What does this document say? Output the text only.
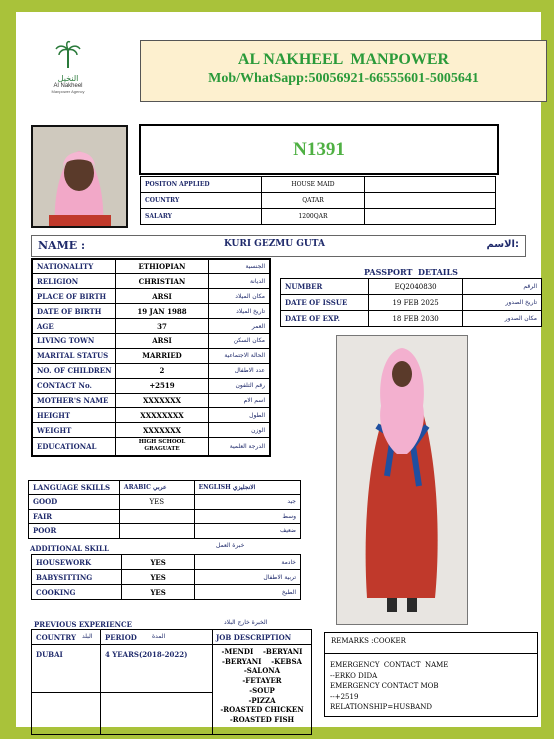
النخيل
Al Nakheel
Manpower Agency
AL NAKHEEL  MANPOWER
Mob/WhatSapp:50056921-66555601-5005641
N1391
POSITON APPLIED	HOUSE MAID	
COUNTRY	QATAR	
SALARY	1200QAR	
NAME :	KURI GEZMU GUTA	الاسم:
NATIONALITY	ETHIOPIAN	الجنسية
RELIGION	CHRISTIAN	الديانة
PLACE OF BIRTH	ARSI	مكان الميلاد
DATE OF BIRTH	19 JAN 1988	تاريخ الميلاد
AGE	37	العمر
LIVING TOWN	ARSI	مكان السكن
MARITAL STATUS	MARRIED	الحالة الاجتماعية
NO. OF CHILDREN	2	عدد الاطفال
CONTACT No.	+2519	رقم التلفون
MOTHER'S NAME	XXXXXXX	اسم الام
HEIGHT	XXXXXXXX	الطول
WEIGHT	XXXXXXX	الوزن
EDUCATIONAL	HIGH SCHOOL GRAGUATE	الدرجة العلمية
PASSPORT  DETAILS
NUMBER	EQ2040830	الرقم
DATE OF ISSUE	19 FEB 2025	تاريخ الصدور
DATE OF EXP.	18 FEB 2030	مكان الصدور
LANGUAGE SKILLS	ARABIC عربي	ENGLISH الانجليزي
GOOD	YES	جيد

FAIR		وسط

POOR		ضعيف
ADDITIONAL SKILL	خبرة العمل
HOUSEWORK	YES	خادمة
BABYSITTING	YES	تربية الاطفال
COOKING	YES	الطبخ
PREVIOUS EXPERIENCE	الخبرة خارج البلاد
COUNTRY البلد PERIOD	المدة	JOB DESCRIPTION
DUBAI	4 YEARS(2018-2022)	-MENDI    -BERYANI
-BERYANI    -KEBSA
-SALONA
-FETAYER
-SOUP
-PIZZA
-ROASTED CHICKEN
-ROASTED FISH
REMARKS :COOKER
EMERGENCY  CONTACT  NAME
--ERKO DIDA
EMERGENCY CONTACT MOB
--+2519
RELATIONSHIP=HUSBAND
